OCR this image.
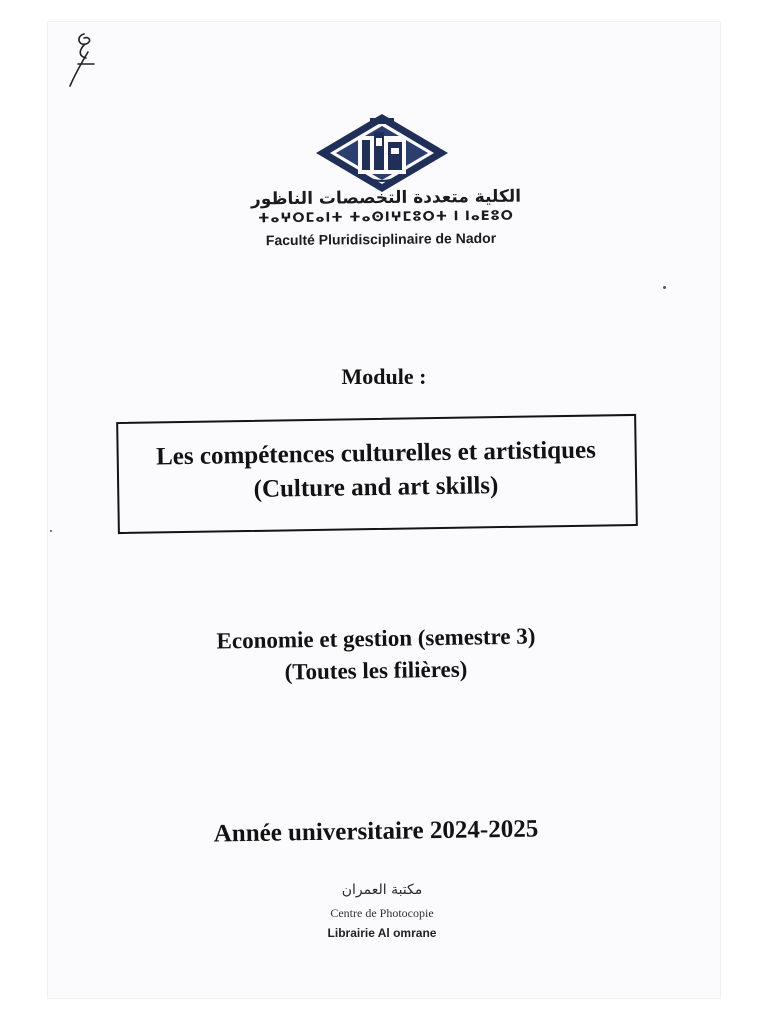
الكلية متعددة التخصصات الناظور
ⵜⴰⵖⵔⵎⴰⵏⵜ ⵜⴰⵙⵏⵖⵎⵓⵔⵜ ⵏ ⵏⴰⴹⵓⵔ
Faculté Pluridisciplinaire de Nador
Module :
Les compétences culturelles et artistiques
(Culture and art skills)
Economie et gestion (semestre 3)
(Toutes les filières)
Année universitaire 2024-2025
مكتبة العمران
Centre de Photocopie
Librairie Al omrane
